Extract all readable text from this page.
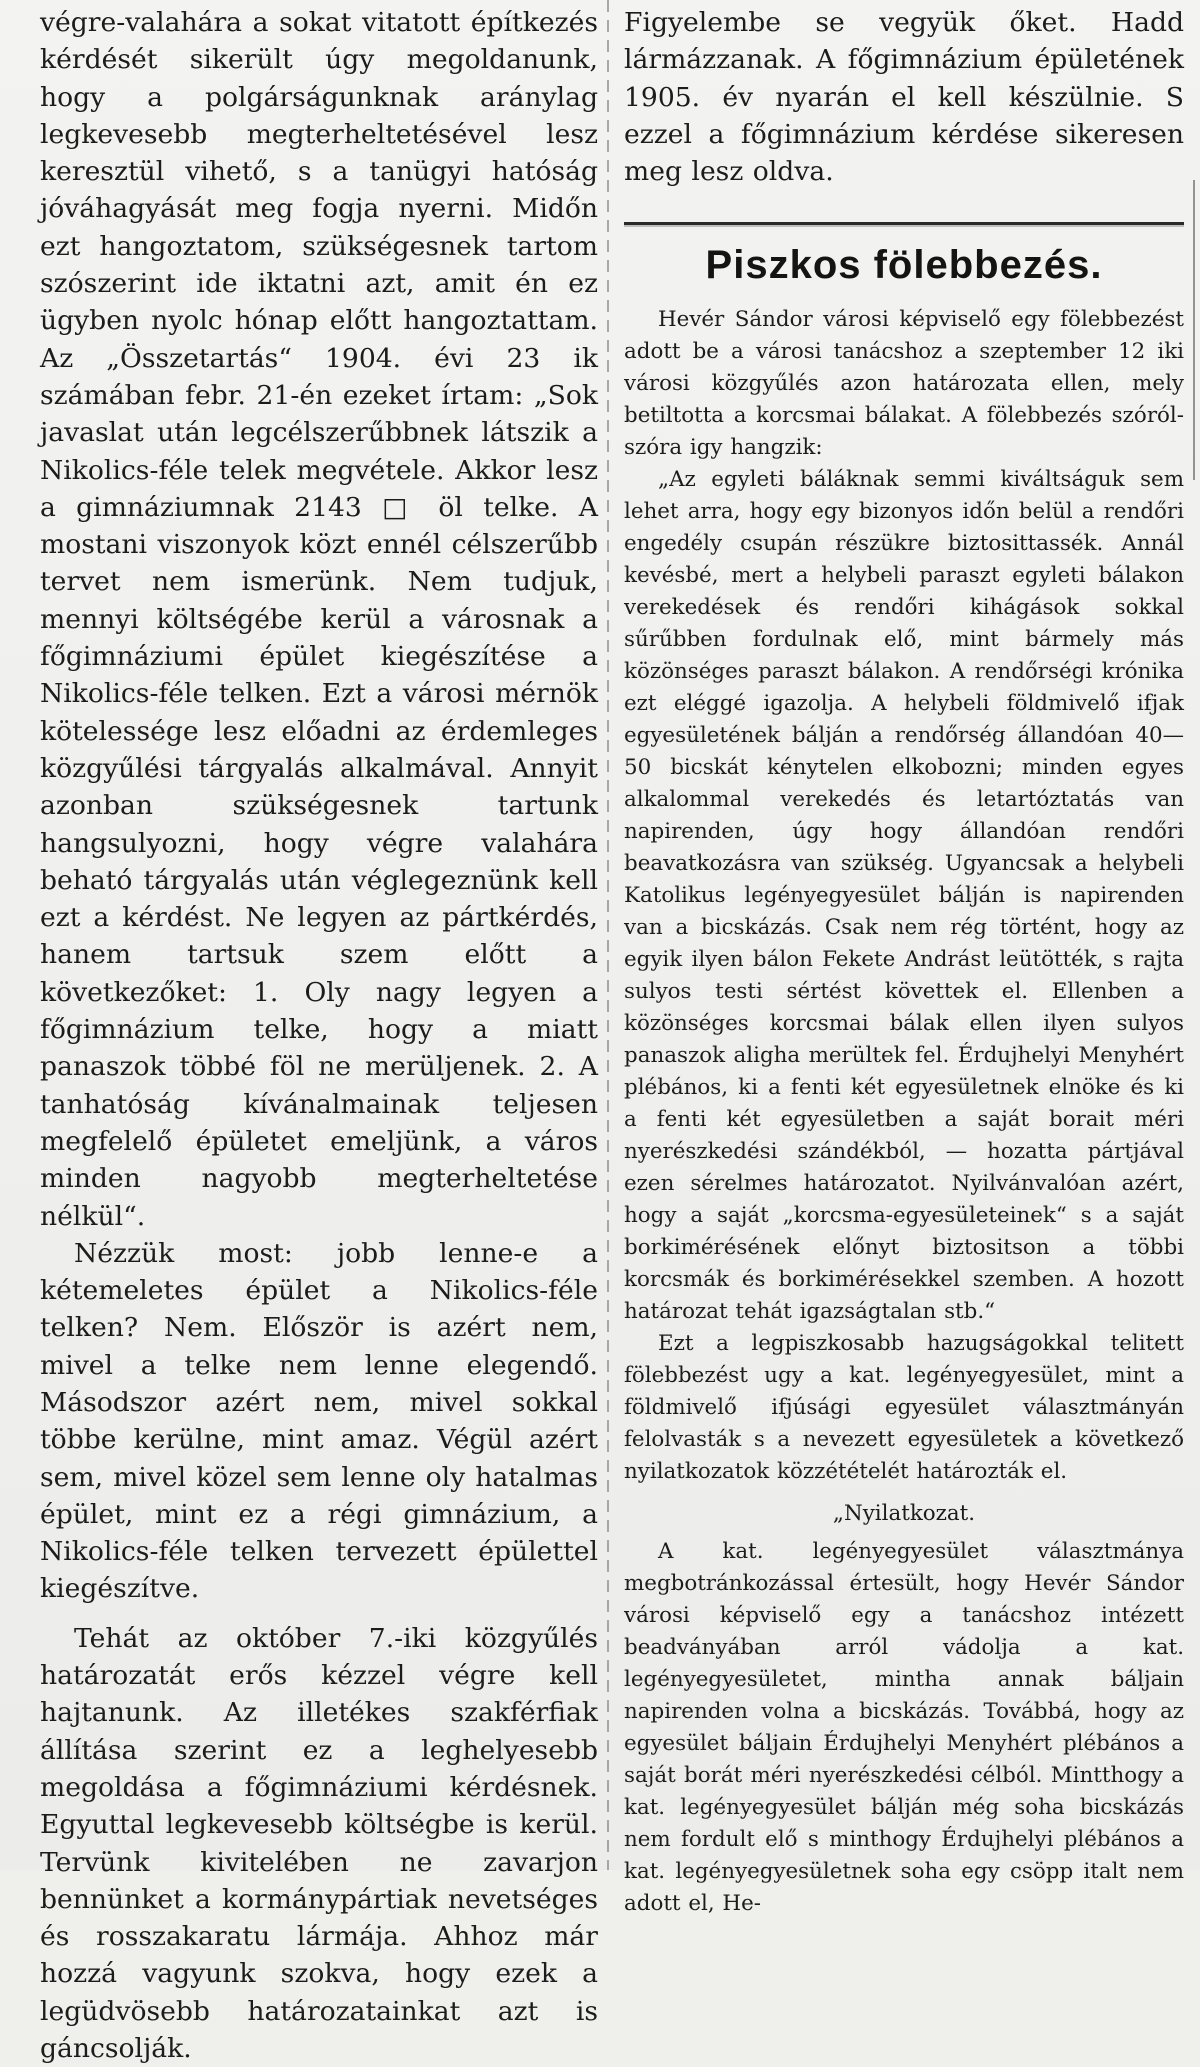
végre-valahára a sokat vitatott építkezés kérdését sikerült úgy megoldanunk, hogy a polgárságunknak aránylag legkevesebb megterheltetésével lesz keresztül vihető, s a tanügyi hatóság jóváhagyását meg fogja nyerni. Midőn ezt hangoztatom, szükségesnek tartom szószerint ide iktatni azt, amit én ez ügyben nyolc hónap előtt hangoztattam. Az „Összetartás“ 1904. évi 23 ik számában febr. 21-én ezeket írtam: „Sok javaslat után legcélszerűbbnek látszik a Nikolics-féle telek megvétele. Akkor lesz a gimnáziumnak 2143 □ öl telke. A mostani viszonyok közt ennél célszerűbb tervet nem ismerünk. Nem tudjuk, mennyi költségébe kerül a városnak a főgimnáziumi épület kiegészítése a Nikolics-féle telken. Ezt a városi mérnök kötelessége lesz előadni az érdemleges közgyűlési tárgyalás alkalmával. Annyit azonban szükségesnek tartunk hangsulyozni, hogy végre valahára beható tárgyalás után véglegeznünk kell ezt a kérdést. Ne legyen az pártkérdés, hanem tartsuk szem előtt a következőket: 1. Oly nagy legyen a főgimnázium telke, hogy a miatt panaszok többé föl ne merüljenek. 2. A tanhatóság kívánalmainak teljesen megfelelő épületet emeljünk, a város minden nagyobb megterheltetése nélkül“.

Nézzük most: jobb lenne-e a kétemeletes épület a Nikolics-féle telken? Nem. Először is azért nem, mivel a telke nem lenne elegendő. Másodszor azért nem, mivel sokkal többe kerülne, mint amaz. Végül azért sem, mivel közel sem lenne oly hatalmas épület, mint ez a régi gimnázium, a Nikolics-féle telken tervezett épülettel kiegészítve.

Tehát az október 7.-iki közgyűlés határozatát erős kézzel végre kell hajtanunk. Az illetékes szakférfiak állítása szerint ez a leghelyesebb megoldása a főgimnáziumi kérdésnek. Egyuttal legkevesebb költségbe is kerül. Tervünk kivitelében ne zavarjon bennünket a kormánypártiak nevetséges és rosszakaratu lármája. Ahhoz már hozzá vagyunk szokva, hogy ezek a legüdvösebb határozatainkat azt is gáncsolják.

Figyelembe se vegyük őket. Hadd lármázzanak. A főgimnázium épületének 1905. év nyarán el kell készülnie. S ezzel a főgimnázium kérdése sikeresen meg lesz oldva.

Piszkos fölebbezés.

Hevér Sándor városi képviselő egy fölebbezést adott be a városi tanácshoz a szeptember 12 iki városi közgyűlés azon határozata ellen, mely betiltotta a korcsmai bálakat. A fölebbezés szóról-szóra igy hangzik:

„Az egyleti báláknak semmi kiváltságuk sem lehet arra, hogy egy bizonyos időn belül a rendőri engedély csupán részükre biztosittassék. Annál kevésbé, mert a helybeli paraszt egyleti bálakon verekedések és rendőri kihágások sokkal sűrűbben fordulnak elő, mint bármely más közönséges paraszt bálakon. A rendőrségi krónika ezt eléggé igazolja. A helybeli földmivelő ifjak egyesületének bálján a rendőrség állandóan 40—50 bicskát kénytelen elkobozni; minden egyes alkalommal verekedés és letartóztatás van napirenden, úgy hogy állandóan rendőri beavatkozásra van szükség. Ugyancsak a helybeli Katolikus legényegyesület bálján is napirenden van a bicskázás. Csak nem rég történt, hogy az egyik ilyen bálon Fekete Andrást leütötték, s rajta sulyos testi sértést követtek el. Ellenben a közönséges korcsmai bálak ellen ilyen sulyos panaszok aligha merültek fel. Érdujhelyi Menyhért plébános, ki a fenti két egyesületnek elnöke és ki a fenti két egyesületben a saját borait méri nyerészkedési szándékból, — hozatta pártjával ezen sérelmes határozatot. Nyilvánvalóan azért, hogy a saját „korcsma-egyesületeinek“ s a saját borkimérésének előnyt biztositson a többi korcsmák és borkimérésekkel szemben. A hozott határozat tehát igazságtalan stb.“

Ezt a legpiszkosabb hazugságokkal telitett fölebbezést ugy a kat. legényegyesület, mint a földmivelő ifjúsági egyesület választmányán felolvasták s a nevezett egyesületek a következő nyilatkozatok közzétételét határozták el.

„Nyilatkozat.

A kat. legényegyesület választmánya megbotránkozással értesült, hogy Hevér Sándor városi képviselő egy a tanácshoz intézett beadványában arról vádolja a kat. legényegyesületet, mintha annak báljain napirenden volna a bicskázás. Továbbá, hogy az egyesület báljain Érdujhelyi Menyhért plébános a saját borát méri nyerészkedési célból. Mintthogy a kat. legényegyesület bálján még soha bicskázás nem fordult elő s minthogy Érdujhelyi plébános a kat. legényegyesületnek soha egy csöpp italt nem adott el, He-
